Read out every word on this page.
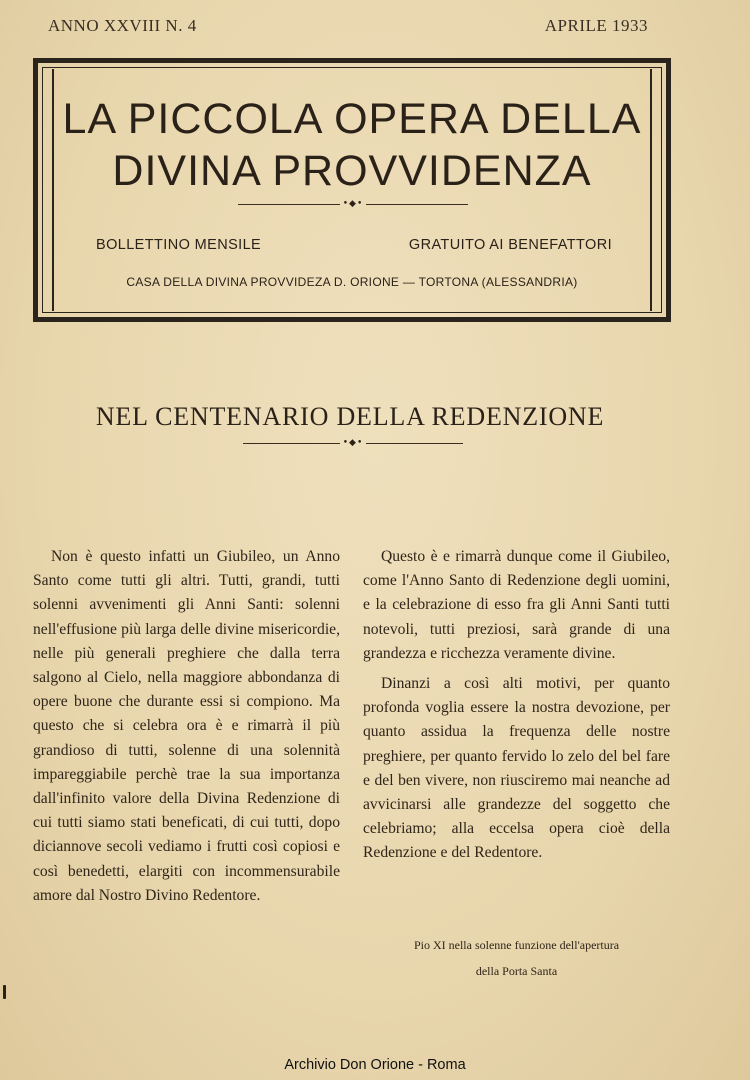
ANNO XXVIII N. 4	APRILE 1933
LA PICCOLA OPERA DELLA
DIVINA PROVVIDENZA
•◆•
BOLLETTINO MENSILE	GRATUITO AI BENEFATTORI
CASA DELLA DIVINA PROVVIDEZA D. ORIONE — TORTONA (ALESSANDRIA)
NEL CENTENARIO DELLA REDENZIONE
•◆•

Non è questo infatti un Giubileo, un Anno Santo come tutti gli altri. Tutti, grandi, tutti solenni avvenimenti gli Anni Santi: solenni nell'effusione più larga delle divine misericordie, nelle più generali preghiere che dalla terra salgono al Cielo, nella maggiore abbondanza di opere buone che durante essi si compiono. Ma questo che si celebra ora è e rimarrà il più grandioso di tutti, solenne di una solennità impareggiabile perchè trae la sua importanza dall'infinito valore della Divina Redenzione di cui tutti siamo stati beneficati, di cui tutti, dopo diciannove secoli vediamo i frutti così copiosi e così benedetti, elargiti con incommensurabile amore dal Nostro Divino Redentore.

Questo è e rimarrà dunque come il Giubileo, come l'Anno Santo di Redenzione degli uomini, e la celebrazione di esso fra gli Anni Santi tutti notevoli, tutti preziosi, sarà grande di una grandezza e ricchezza veramente divine.

Dinanzi a così alti motivi, per quanto profonda voglia essere la nostra devozione, per quanto assidua la frequenza delle nostre preghiere, per quanto fervido lo zelo del bel fare e del ben vivere, non riusciremo mai neanche ad avvicinarsi alle grandezze del soggetto che celebriamo; alla eccelsa opera cioè della Redenzione e del Redentore.

Pio XI nella solenne funzione dell'apertura
della Porta Santa
Archivio Don Orione - Roma
